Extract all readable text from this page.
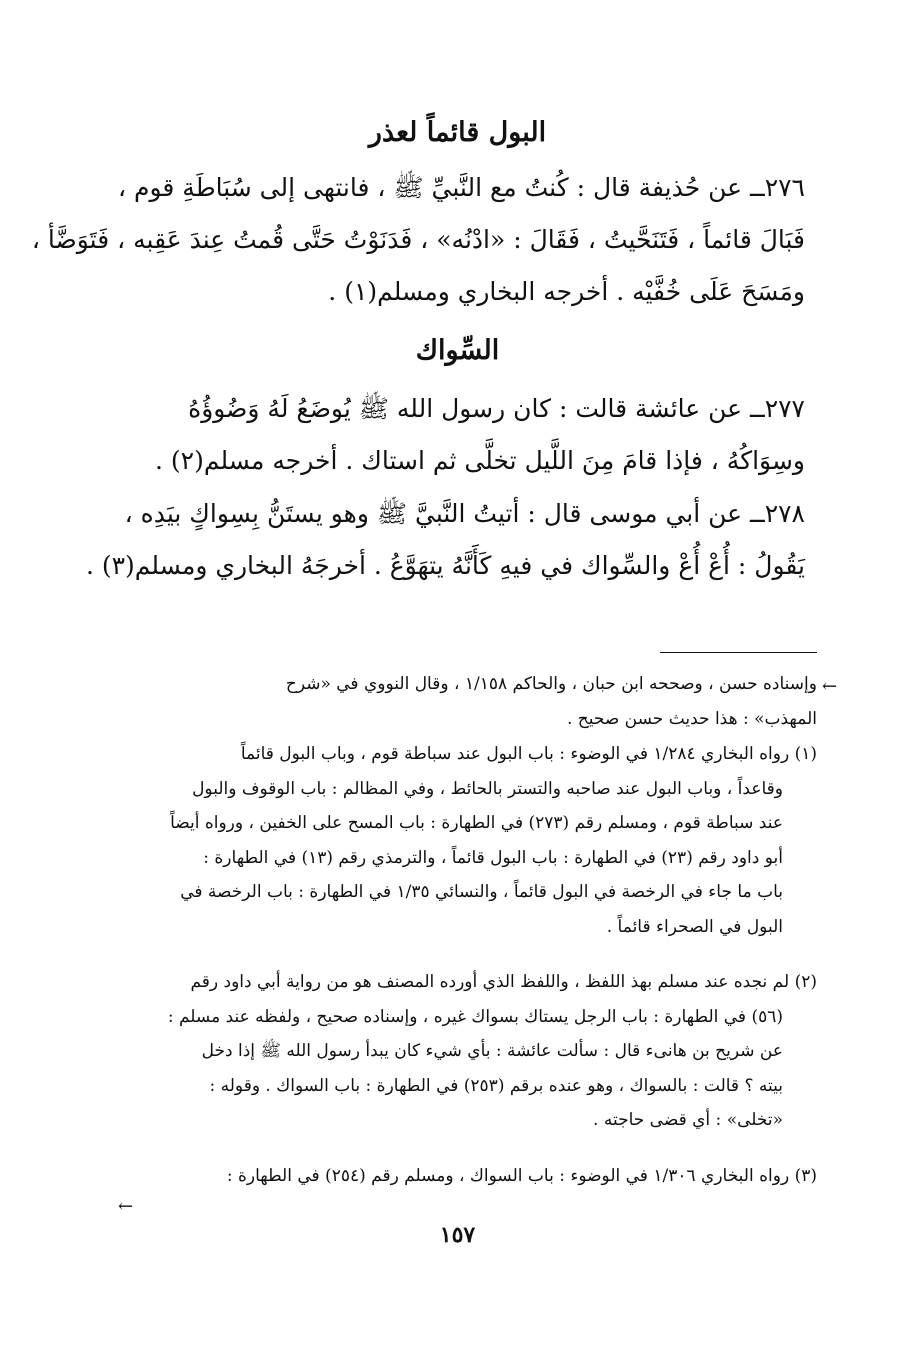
البول قائماً لعذر
٢٧٦ــ عن حُذيفة قال : كُنتُ مع النَّبيِّ ﷺ ، فانتهى إلى سُبَاطَةِ قوم ،
فَبَالَ قائماً ، فَتَنَحَّيتُ ، فَقَالَ : «ادْنُه» ، فَدَنَوْتُ حَتَّى قُمتُ عِندَ عَقِبه ، فَتَوَضَّأ ،
ومَسَحَ عَلَى خُفَّيْه . أخرجه البخاري ومسلم(١) .
السِّواك
٢٧٧ــ عن عائشة قالت : كان رسول الله ﷺ يُوضَعُ لَهُ وَضُوؤُهُ
وسِوَاكُهُ ، فإذا قامَ مِنَ اللَّيل تخلَّى ثم استاك . أخرجه مسلم(٢) .
٢٧٨ــ عن أبي موسى قال : أتيتُ النَّبيَّ ﷺ وهو يستَنُّ بِسِواكٍ بيَدِه ،
يَقُولُ : أُعْ أُعْ والسِّواك في فيهِ كَأَنَّهُ يتهَوَّعُ . أخرجَهُ البخاري ومسلم(٣) .
←
وإسناده حسن ، وصححه ابن حبان ، والحاكم ١/١٥٨ ، وقال النووي في «شرح
المهذب» : هذا حديث حسن صحيح .
(١) رواه البخاري ١/٢٨٤ في الوضوء : باب البول عند سباطة قوم ، وباب البول قائماً
وقاعداً ، وباب البول عند صاحبه والتستر بالحائط ، وفي المظالم : باب الوقوف والبول
عند سباطة قوم ، ومسلم رقم (٢٧٣) في الطهارة : باب المسح على الخفين ، ورواه أيضاً
أبو داود رقم (٢٣) في الطهارة : باب البول قائماً ، والترمذي رقم (١٣) في الطهارة :
باب ما جاء في الرخصة في البول قائماً ، والنسائي ١/٣٥ في الطهارة : باب الرخصة في
البول في الصحراء قائماً .
(٢) لم نجده عند مسلم بهذ اللفظ ، واللفظ الذي أورده المصنف هو من رواية أبي داود رقم
(٥٦) في الطهارة : باب الرجل يستاك بسواك غيره ، وإسناده صحيح ، ولفظه عند مسلم :
عن شريح بن هانىء قال : سألت عائشة : بأي شيء كان يبدأ رسول الله ﷺ إذا دخل
بيته ؟ قالت : بالسواك ، وهو عنده برقم (٢٥٣) في الطهارة : باب السواك . وقوله :
«تخلى» : أي قضى حاجته .
(٣) رواه البخاري ١/٣٠٦ في الوضوء : باب السواك ، ومسلم رقم (٢٥٤) في الطهارة :
←
١٥٧
